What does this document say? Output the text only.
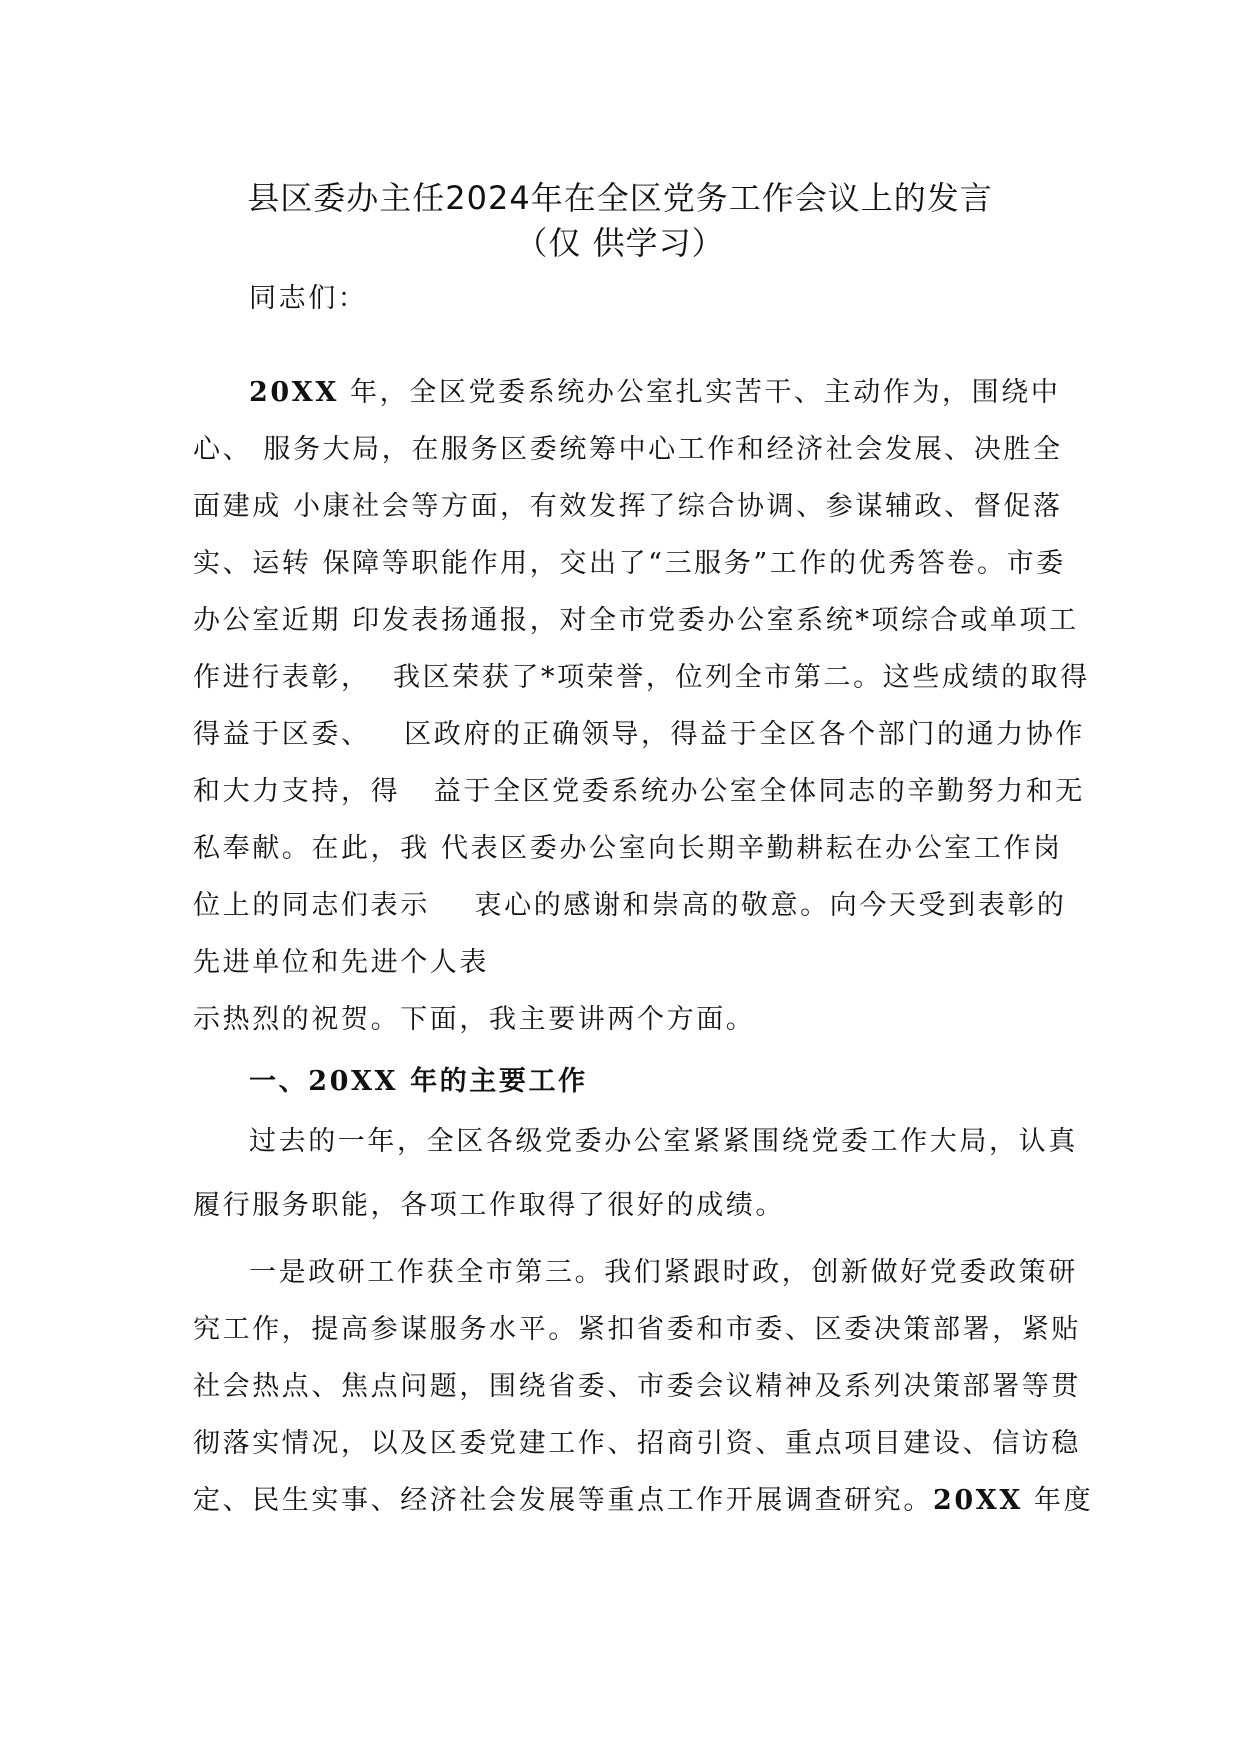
县区委办主任2024年在全区党务工作会议上的发言
（仅 供学习）
同志们：
20XX 年，全区党委系统办公室扎实苦干、主动作为，围绕中
心、 服务大局，在服务区委统筹中心工作和经济社会发展、决胜全
面建成 小康社会等方面，有效发挥了综合协调、参谋辅政、督促落
实、运转 保障等职能作用，交出了“三服务”工作的优秀答卷。市委
办公室近期 印发表扬通报，对全市党委办公室系统*项综合或单项工
作进行表彰，  我区荣获了*项荣誉，位列全市第二。这些成绩的取得
得益于区委、   区政府的正确领导，得益于全区各个部门的通力协作
和大力支持，得   益于全区党委系统办公室全体同志的辛勤努力和无
私奉献。在此，我 代表区委办公室向长期辛勤耕耘在办公室工作岗
位上的同志们表示    衷心的感谢和崇高的敬意。向今天受到表彰的
先进单位和先进个人表
示热烈的祝贺。下面，我主要讲两个方面。
一、20XX 年的主要工作
过去的一年，全区各级党委办公室紧紧围绕党委工作大局，认真
履行服务职能，各项工作取得了很好的成绩。
一是政研工作获全市第三。我们紧跟时政，创新做好党委政策研
究工作，提高参谋服务水平。紧扣省委和市委、区委决策部署，紧贴
社会热点、焦点问题，围绕省委、市委会议精神及系列决策部署等贯
彻落实情况，以及区委党建工作、招商引资、重点项目建设、信访稳
定、民生实事、经济社会发展等重点工作开展调查研究。20XX 年度
